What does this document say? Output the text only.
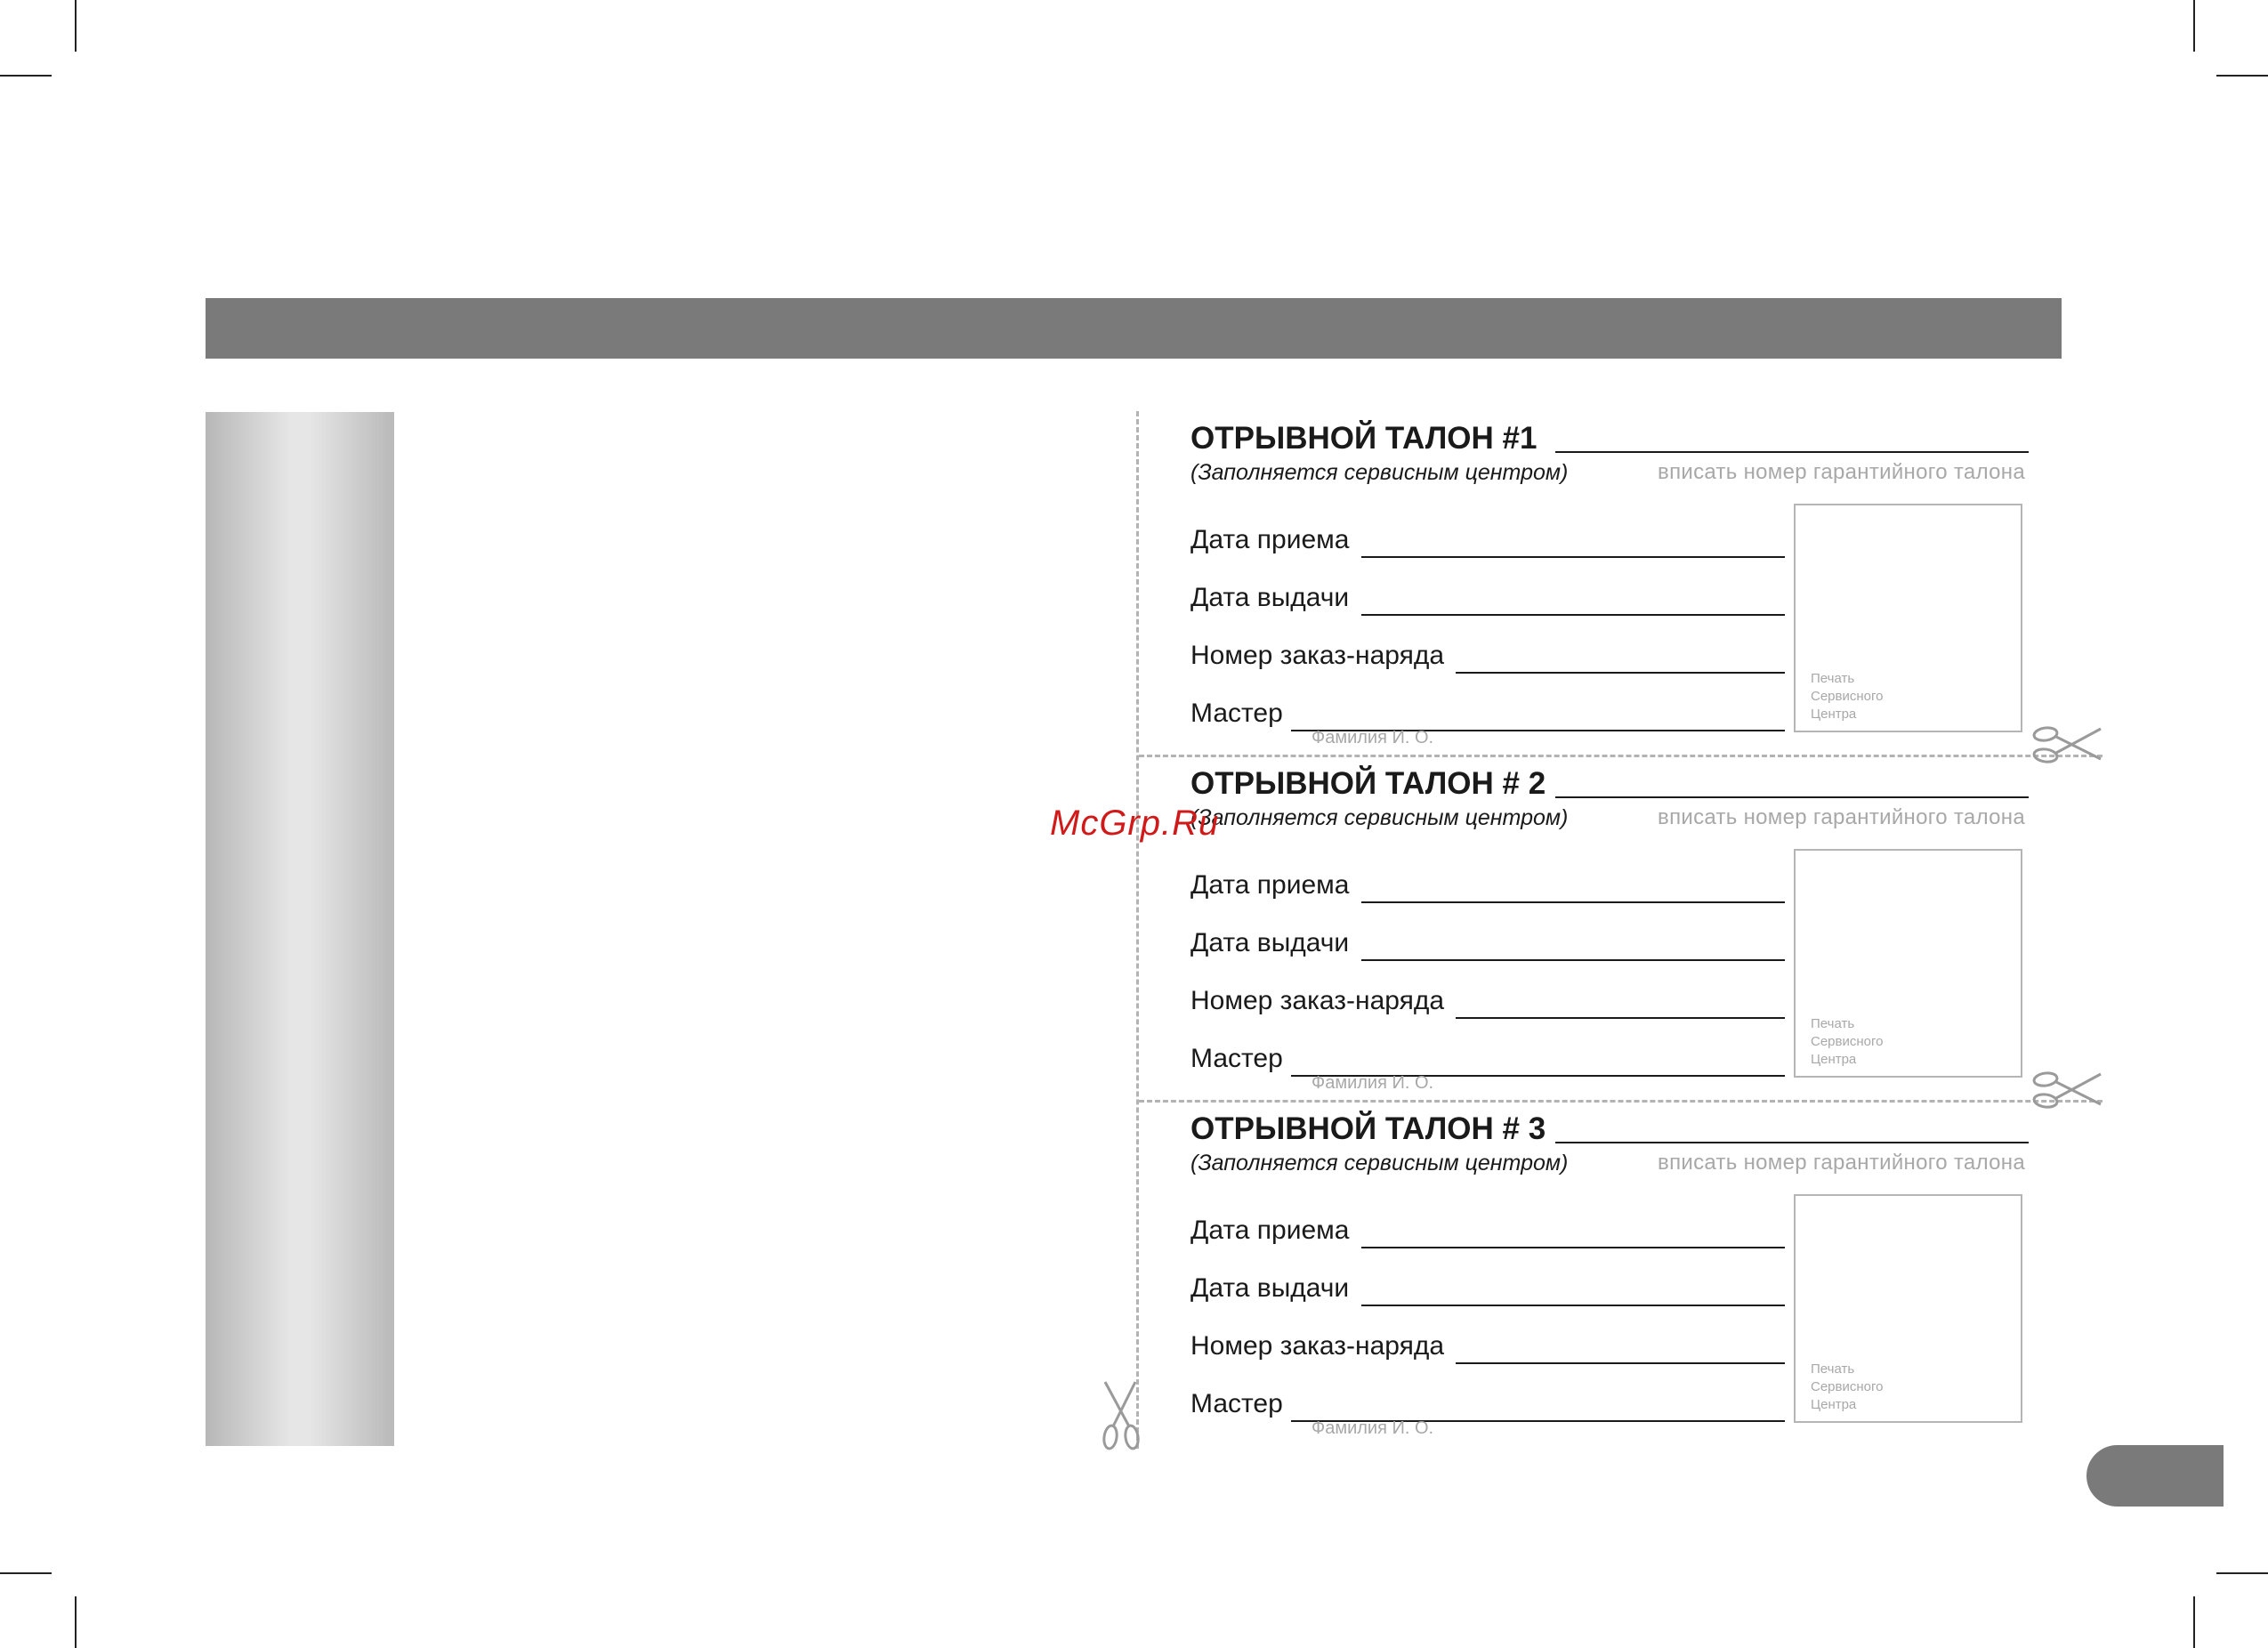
ОТРЫВНОЙ ТАЛОН #1
(Заполняется сервисным центром)	вписать номер гарантийного талона
Дата приема
Дата выдачи
Номер заказ-наряда
Мастер
Фамилия И. О.
Печать
Сервисного
Центра
ОТРЫВНОЙ ТАЛОН # 2
(Заполняется сервисным центром)	вписать номер гарантийного талона
Дата приема
Дата выдачи
Номер заказ-наряда
Мастер
Фамилия И. О.
Печать
Сервисного
Центра
ОТРЫВНОЙ ТАЛОН # 3
(Заполняется сервисным центром)	вписать номер гарантийного талона
Дата приема
Дата выдачи
Номер заказ-наряда
Мастер
Фамилия И. О.
Печать
Сервисного
Центра
McGrp.Ru
